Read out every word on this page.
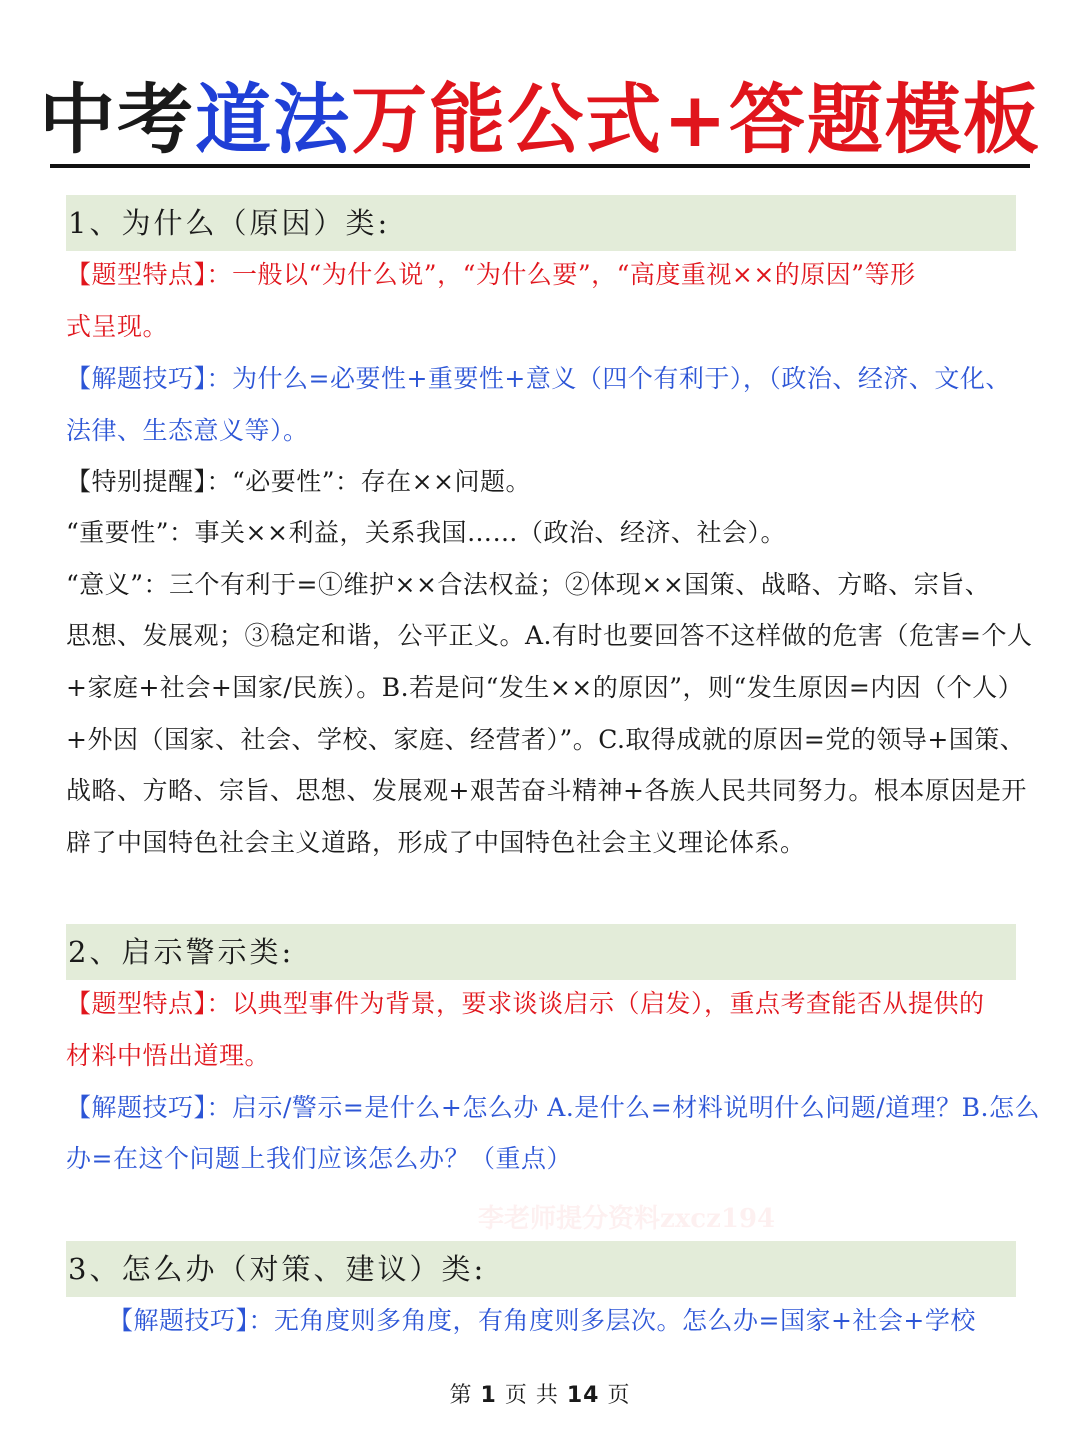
中考道法万能公式+答题模板
1、为什么（原因）类:
【题型特点】：一般以“为什么说”，“为什么要”，“高度重视××的原因”等形
式呈现。
【解题技巧】：为什么=必要性+重要性+意义（四个有利于），（政治、经济、文化、
法律、生态意义等）。
【特别提醒】：“必要性”：存在××问题。
“重要性”：事关××利益，关系我国……（政治、经济、社会）。
“意义”：三个有利于=①维护××合法权益；②体现××国策、战略、方略、宗旨、
思想、发展观；③稳定和谐，公平正义。A.有时也要回答不这样做的危害（危害=个人
+家庭+社会+国家/民族）。B.若是问“发生××的原因”，则“发生原因=内因（个人）
+外因（国家、社会、学校、家庭、经营者）”。C.取得成就的原因=党的领导+国策、
战略、方略、宗旨、思想、发展观+艰苦奋斗精神+各族人民共同努力。根本原因是开
辟了中国特色社会主义道路，形成了中国特色社会主义理论体系。
2、启示警示类:
【题型特点】：以典型事件为背景，要求谈谈启示（启发），重点考查能否从提供的
材料中悟出道理。
【解题技巧】：启示/警示=是什么+怎么办 A.是什么=材料说明什么问题/道理？B.怎么
办=在这个问题上我们应该怎么办？（重点）
李老师提分资料zxcz194
3、怎么办（对策、建议）类:
【解题技巧】：无角度则多角度，有角度则多层次。怎么办=国家+社会+学校
第 1 页 共 14 页
